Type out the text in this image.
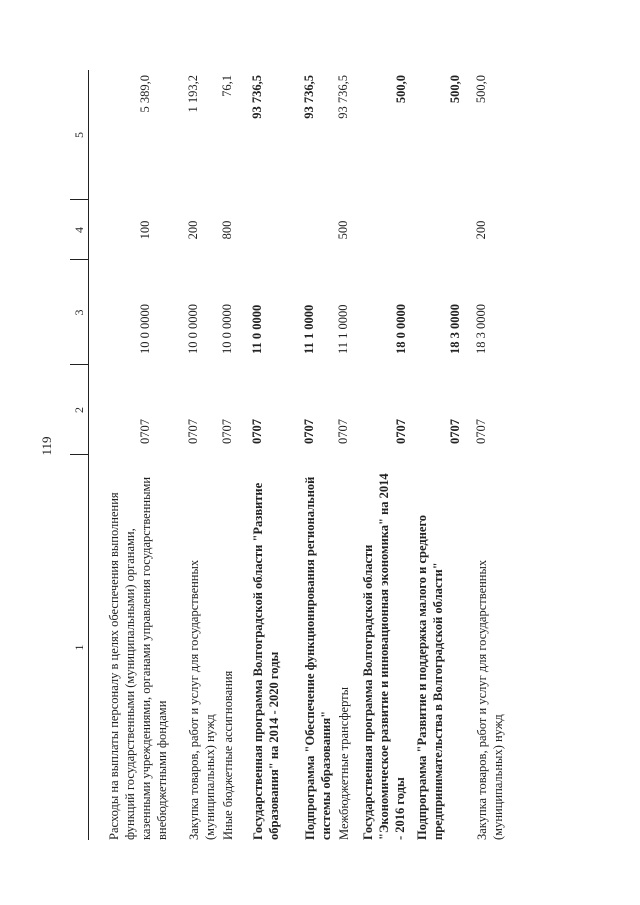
119
1
2
3
4
5
Расходы на выплаты персоналу в целях обеспечения выполнения функций государственными (муниципальными) органами, казенными учреждениями, органами управления государственными внебюджетными фондами
0707
10 0 0000
100
5 389,0
Закупка товаров, работ и услуг для государственных (муниципальных) нужд
0707
10 0 0000
200
1 193,2
Иные бюджетные ассигнования
0707
10 0 0000
800
76,1
Государственная программа Волгоградской области "Развитие образования" на 2014 - 2020 годы
0707
11 0 0000
93 736,5
Подпрограмма "Обеспечение функционирования региональной системы образования"
0707
11 1 0000
93 736,5
Межбюджетные трансферты
0707
11 1 0000
500
93 736,5
Государственная программа Волгоградской области "Экономическое развитие и инновационная экономика" на 2014 - 2016 годы
0707
18 0 0000
500,0
Подпрограмма "Развитие и поддержка малого и среднего предпринимательства в Волгоградской области"
0707
18 3 0000
500,0
Закупка товаров, работ и услуг для государственных (муниципальных) нужд
0707
18 3 0000
200
500,0
